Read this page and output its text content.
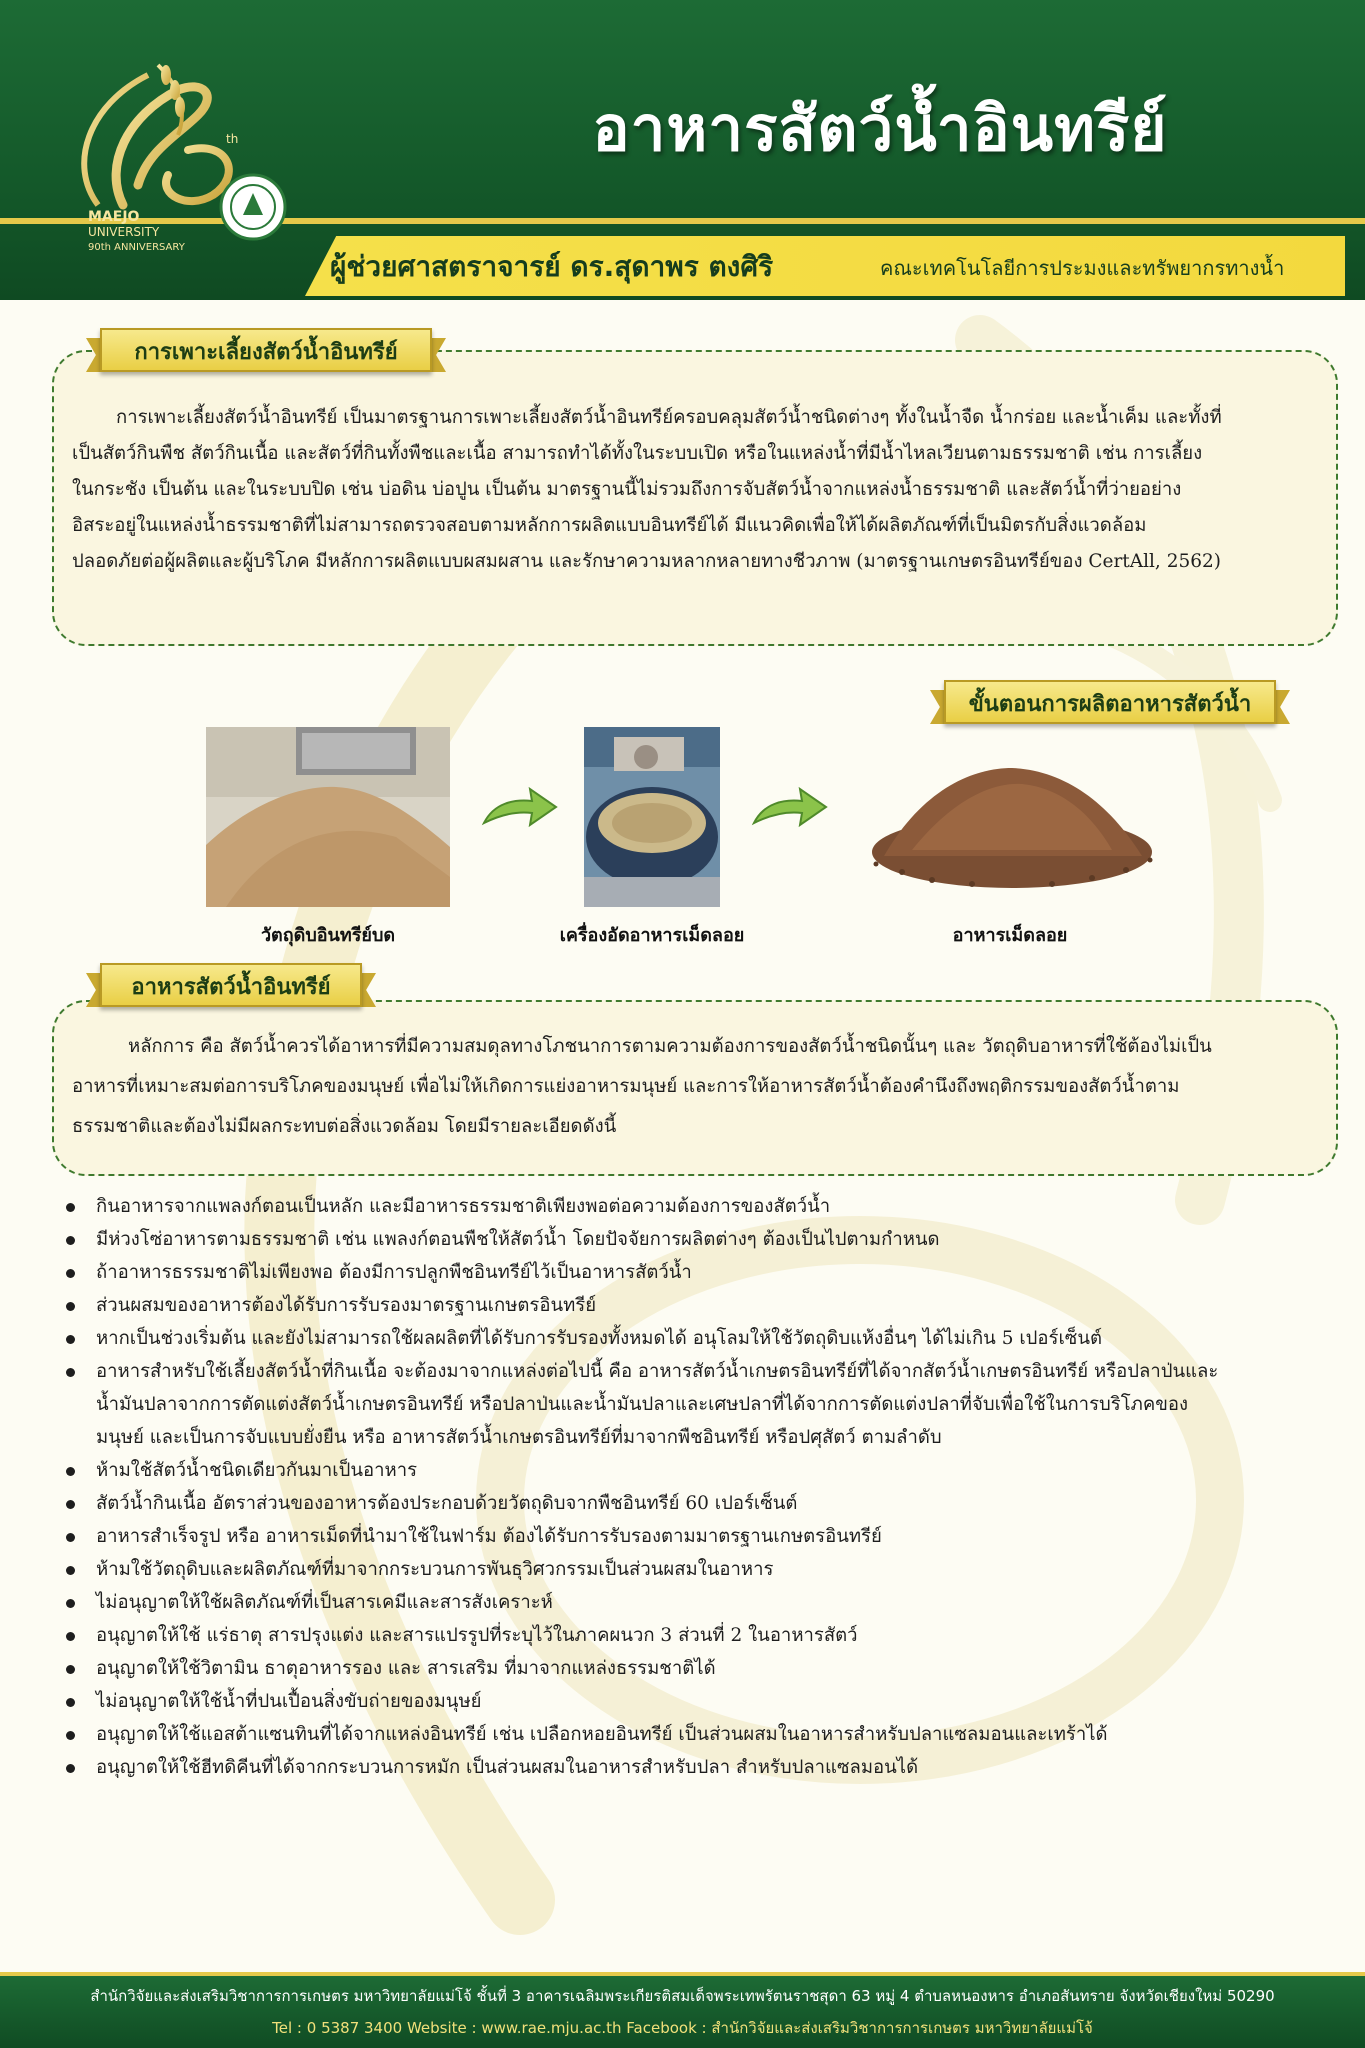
th
MAEJO
UNIVERSITY
90th ANNIVERSARY
อาหารสัตว์น้ำอินทรีย์
ผู้ช่วยศาสตราจารย์ ดร.สุดาพร ตงศิริ	คณะเทคโนโลยีการประมงและทรัพยากรทางน้ำ
การเพาะเลี้ยงสัตว์น้ำอินทรีย์
การเพาะเลี้ยงสัตว์น้ำอินทรีย์ เป็นมาตรฐานการเพาะเลี้ยงสัตว์น้ำอินทรีย์ครอบคลุมสัตว์น้ำชนิดต่างๆ ทั้งในน้ำจืด น้ำกร่อย และน้ำเค็ม และทั้งที่
เป็นสัตว์กินพืช สัตว์กินเนื้อ และสัตว์ที่กินทั้งพืชและเนื้อ สามารถทำได้ทั้งในระบบเปิด หรือในแหล่งน้ำที่มีน้ำไหลเวียนตามธรรมชาติ เช่น การเลี้ยง
ในกระชัง เป็นต้น และในระบบปิด เช่น บ่อดิน บ่อปูน เป็นต้น มาตรฐานนี้ไม่รวมถึงการจับสัตว์น้ำจากแหล่งน้ำธรรมชาติ และสัตว์น้ำที่ว่ายอย่าง
อิสระอยู่ในแหล่งน้ำธรรมชาติที่ไม่สามารถตรวจสอบตามหลักการผลิตแบบอินทรีย์ได้ มีแนวคิดเพื่อให้ได้ผลิตภัณฑ์ที่เป็นมิตรกับสิ่งแวดล้อม
ปลอดภัยต่อผู้ผลิตและผู้บริโภค มีหลักการผลิตแบบผสมผสาน และรักษาความหลากหลายทางชีวภาพ (มาตรฐานเกษตรอินทรีย์ของ CertAll, 2562)
ขั้นตอนการผลิตอาหารสัตว์น้ำ
วัตถุดิบอินทรีย์บด	เครื่องอัดอาหารเม็ดลอย	อาหารเม็ดลอย
อาหารสัตว์น้ำอินทรีย์
หลักการ คือ สัตว์น้ำควรได้อาหารที่มีความสมดุลทางโภชนาการตามความต้องการของสัตว์น้ำชนิดนั้นๆ และ วัตถุดิบอาหารที่ใช้ต้องไม่เป็น
อาหารที่เหมาะสมต่อการบริโภคของมนุษย์ เพื่อไม่ให้เกิดการแย่งอาหารมนุษย์ และการให้อาหารสัตว์น้ำต้องคำนึงถึงพฤติกรรมของสัตว์น้ำตาม
ธรรมชาติและต้องไม่มีผลกระทบต่อสิ่งแวดล้อม โดยมีรายละเอียดดังนี้
กินอาหารจากแพลงก์ตอนเป็นหลัก และมีอาหารธรรมชาติเพียงพอต่อความต้องการของสัตว์น้ำ
มีห่วงโซ่อาหารตามธรรมชาติ เช่น แพลงก์ตอนพืชให้สัตว์น้ำ โดยปัจจัยการผลิตต่างๆ ต้องเป็นไปตามกำหนด
ถ้าอาหารธรรมชาติไม่เพียงพอ ต้องมีการปลูกพืชอินทรีย์ไว้เป็นอาหารสัตว์น้ำ
ส่วนผสมของอาหารต้องได้รับการรับรองมาตรฐานเกษตรอินทรีย์
หากเป็นช่วงเริ่มต้น และยังไม่สามารถใช้ผลผลิตที่ได้รับการรับรองทั้งหมดได้ อนุโลมให้ใช้วัตถุดิบแห้งอื่นๆ ได้ไม่เกิน 5 เปอร์เซ็นต์
อาหารสำหรับใช้เลี้ยงสัตว์น้ำที่กินเนื้อ จะต้องมาจากแหล่งต่อไปนี้ คือ อาหารสัตว์น้ำเกษตรอินทรีย์ที่ได้จากสัตว์น้ำเกษตรอินทรีย์ หรือปลาป่นและ
น้ำมันปลาจากการตัดแต่งสัตว์น้ำเกษตรอินทรีย์ หรือปลาป่นและน้ำมันปลาและเศษปลาที่ได้จากการตัดแต่งปลาที่จับเพื่อใช้ในการบริโภคของ
มนุษย์ และเป็นการจับแบบยั่งยืน หรือ อาหารสัตว์น้ำเกษตรอินทรีย์ที่มาจากพืชอินทรีย์ หรือปศุสัตว์ ตามลำดับ
ห้ามใช้สัตว์น้ำชนิดเดียวกันมาเป็นอาหาร
สัตว์น้ำกินเนื้อ อัตราส่วนของอาหารต้องประกอบด้วยวัตถุดิบจากพืชอินทรีย์ 60 เปอร์เซ็นต์
อาหารสำเร็จรูป หรือ อาหารเม็ดที่นำมาใช้ในฟาร์ม ต้องได้รับการรับรองตามมาตรฐานเกษตรอินทรีย์
ห้ามใช้วัตถุดิบและผลิตภัณฑ์ที่มาจากกระบวนการพันธุวิศวกรรมเป็นส่วนผสมในอาหาร
ไม่อนุญาตให้ใช้ผลิตภัณฑ์ที่เป็นสารเคมีและสารสังเคราะห์
อนุญาตให้ใช้ แร่ธาตุ สารปรุงแต่ง และสารแปรรูปที่ระบุไว้ในภาคผนวก 3 ส่วนที่ 2 ในอาหารสัตว์
อนุญาตให้ใช้วิตามิน ธาตุอาหารรอง และ สารเสริม ที่มาจากแหล่งธรรมชาติได้
ไม่อนุญาตให้ใช้น้ำที่ปนเปื้อนสิ่งขับถ่ายของมนุษย์
อนุญาตให้ใช้แอสต้าแซนทินที่ได้จากแหล่งอินทรีย์ เช่น เปลือกหอยอินทรีย์ เป็นส่วนผสมในอาหารสำหรับปลาแซลมอนและเทร้าได้
อนุญาตให้ใช้ฮีทดิคีนที่ได้จากกระบวนการหมัก เป็นส่วนผสมในอาหารสำหรับปลา สำหรับปลาแซลมอนได้
สำนักวิจัยและส่งเสริมวิชาการการเกษตร มหาวิทยาลัยแม่โจ้ ชั้นที่ 3 อาคารเฉลิมพระเกียรติสมเด็จพระเทพรัตนราชสุดา 63 หมู่ 4 ตำบลหนองหาร อำเภอสันทราย จังหวัดเชียงใหม่ 50290
Tel : 0 5387 3400 Website : www.rae.mju.ac.th Facebook : สำนักวิจัยและส่งเสริมวิชาการการเกษตร มหาวิทยาลัยแม่โจ้
